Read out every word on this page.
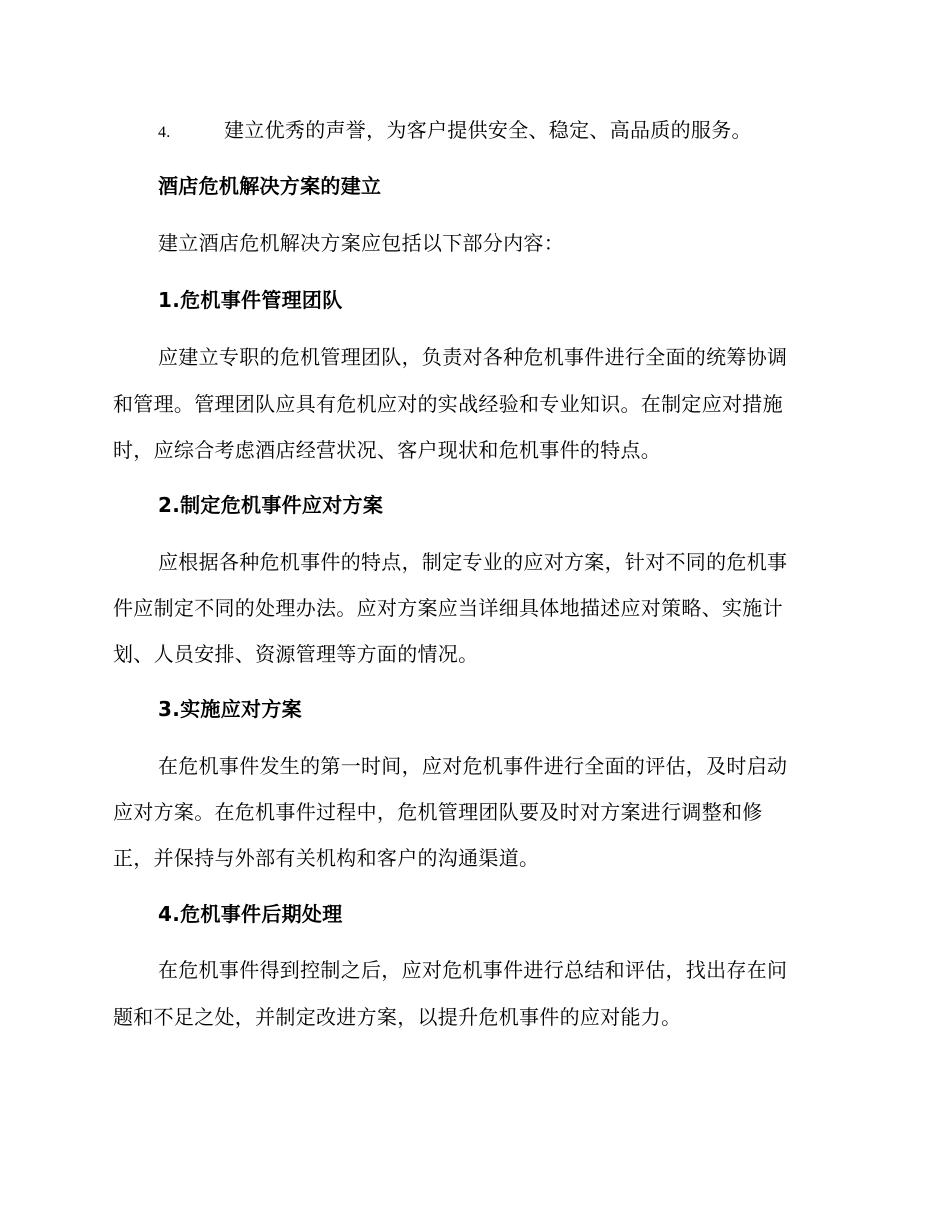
4.	建立优秀的声誉，为客户提供安全、稳定、高品质的服务。
酒店危机解决方案的建立
建立酒店危机解决方案应包括以下部分内容：
1.危机事件管理团队
应建立专职的危机管理团队，负责对各种危机事件进行全面的统筹协调
和管理。管理团队应具有危机应对的实战经验和专业知识。在制定应对措施
时，应综合考虑酒店经营状况、客户现状和危机事件的特点。
2.制定危机事件应对方案
应根据各种危机事件的特点，制定专业的应对方案，针对不同的危机事
件应制定不同的处理办法。应对方案应当详细具体地描述应对策略、实施计
划、人员安排、资源管理等方面的情况。
3.实施应对方案
在危机事件发生的第一时间，应对危机事件进行全面的评估，及时启动
应对方案。在危机事件过程中，危机管理团队要及时对方案进行调整和修
正，并保持与外部有关机构和客户的沟通渠道。
4.危机事件后期处理
在危机事件得到控制之后，应对危机事件进行总结和评估，找出存在问
题和不足之处，并制定改进方案，以提升危机事件的应对能力。
